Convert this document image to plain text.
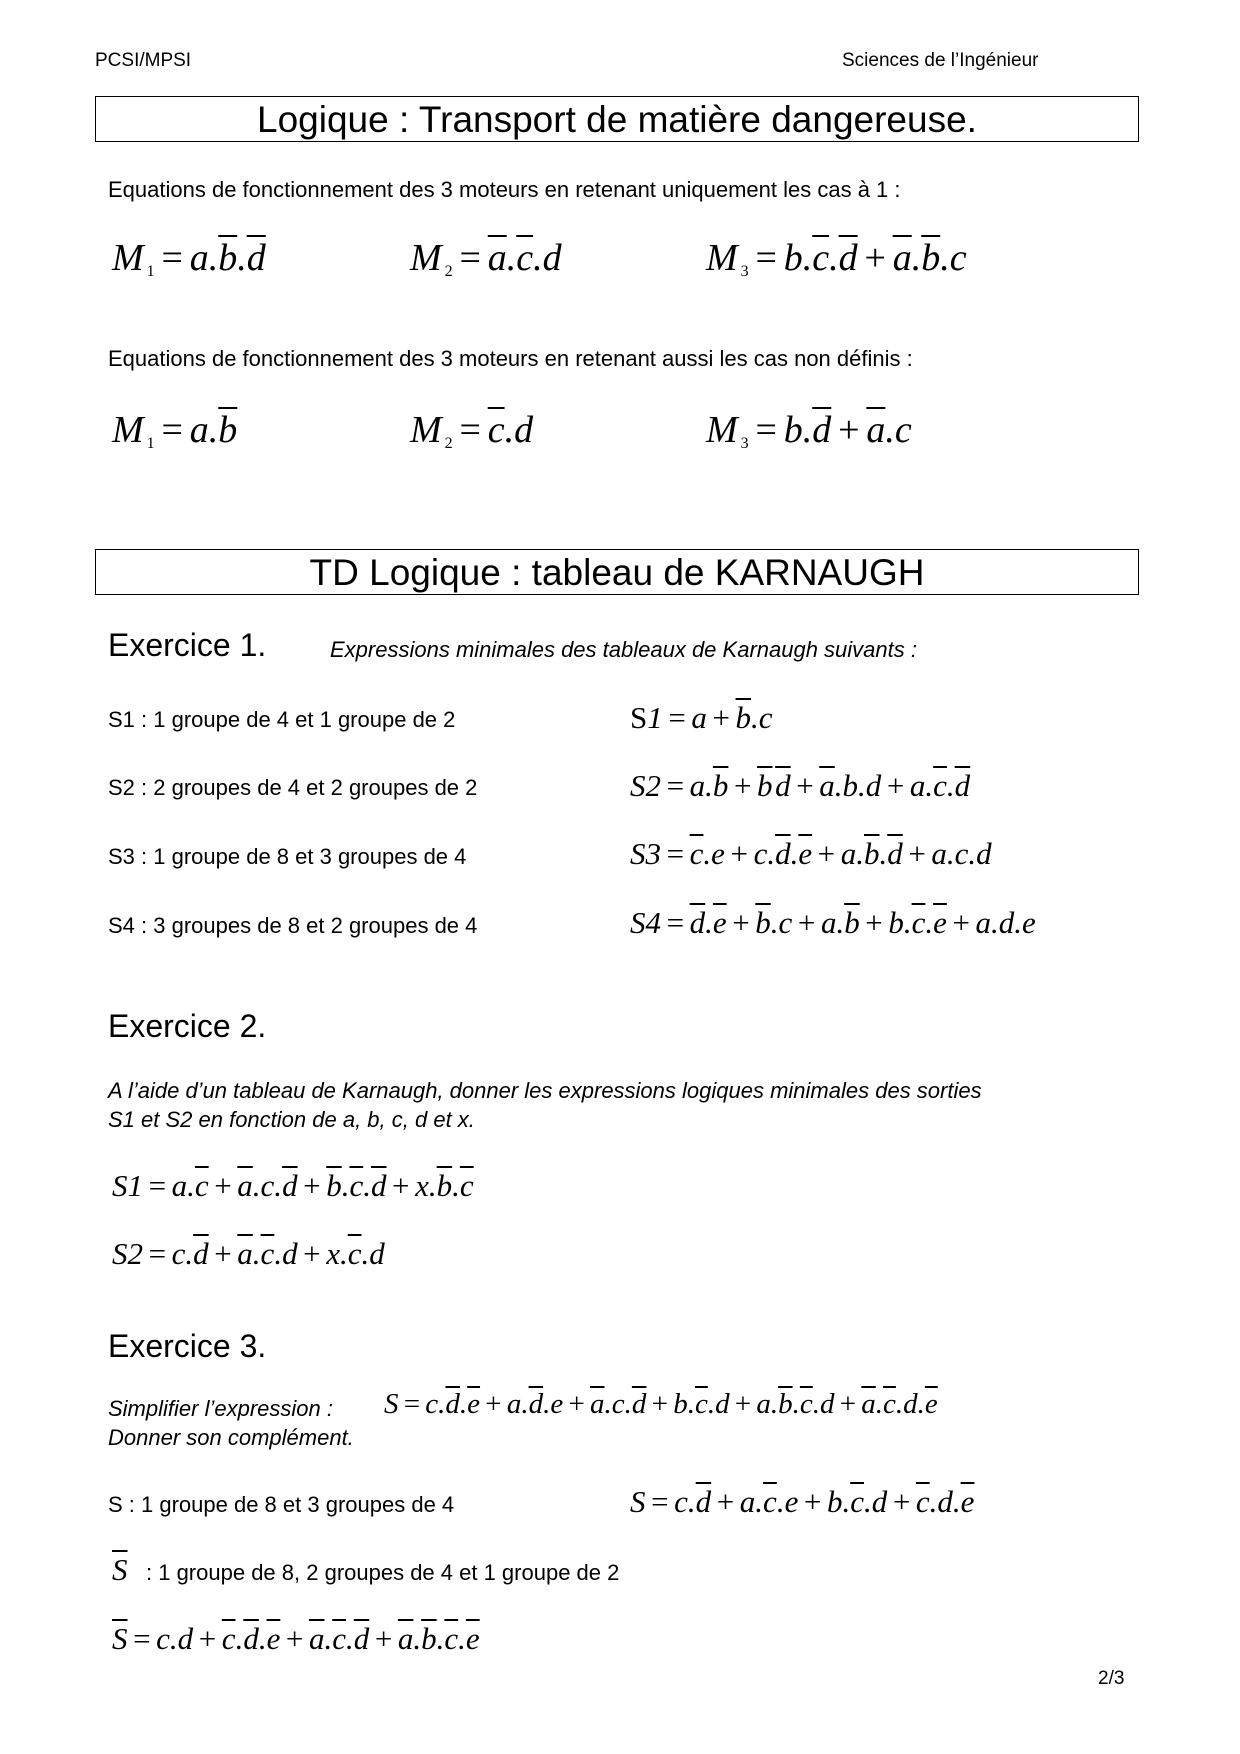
PCSI/MPSI	Sciences de l’Ingénieur
Logique : Transport de matière dangereuse.
Equations de fonctionnement des 3 moteurs en retenant uniquement les cas à 1 :
M $_1 = a.\overline{b}.\overline{d}$	M $_2 = \overline{a}.\overline{c}.d$	M $_3 = b.\overline{c}.\overline{d} + \overline{a}.\overline{b}.c$
Equations de fonctionnement des 3 moteurs en retenant aussi les cas non définis :
M $_1 = a.\overline{b}$	M $_2 = \overline{c}.d$	M $_3 = b.\overline{d} + \overline{a}.c$
TD Logique : tableau de KARNAUGH
Exercice 1.	Expressions minimales des tableaux de Karnaugh suivants :
S1 : 1 groupe de 4 et 1 groupe de 2	$S1 = a + \overline{b}.c$
S2 : 2 groupes de 4 et 2 groupes de 2	$S2 = a.\overline{b} + \overline{b}$ $\overline{d} + \overline{a}.b.d + a.\overline{c}.\overline{d}$
S3 : 1 groupe de 8 et 3 groupes de 4	$S3 = \overline{c}.e + c.\overline{d}.\overline{e} + a.\overline{b}.\overline{d} + a.c.d$
S4 : 3 groupes de 8 et 2 groupes de 4	$S4 = \overline{d}.\overline{e} + \overline{b}.c + a.\overline{b} + b.\overline{c}.\overline{e} + a.d.e$
Exercice 2.
A l’aide d’un tableau de Karnaugh, donner les expressions logiques minimales des sorties
S1 et S2 en fonction de a, b, c, d et x.
$S1 = a.\overline{c} + \overline{a}.c.\overline{d} + \overline{b}.\overline{c}.\overline{d} + x.\overline{b}.\overline{c}$
$S2 = c.\overline{d} + \overline{a}.\overline{c}.d + x.\overline{c}.d$
Exercice 3.
Simplifier l’expression : $S = c.\overline{d}.\overline{e} + a.\overline{d}.e + \overline{a}.c.\overline{d} + b.\overline{c}.d + a.\overline{b}.\overline{c}.d + \overline{a}.\overline{c}.d.\overline{e}$
Donner son complément.
S : 1 groupe de 8 et 3 groupes de 4	$S = c.\overline{d} + a.\overline{c}.e + b.\overline{c}.d + \overline{c}.d.\overline{e}$
$\overline{S}$ : 1 groupe de 8, 2 groupes de 4 et 1 groupe de 2
$\overline{S} = c.d + \overline{c}.\overline{d}.\overline{e} + \overline{a}.\overline{c}.\overline{d} + \overline{a}.\overline{b}.\overline{c}.\overline{e}$
2/3
